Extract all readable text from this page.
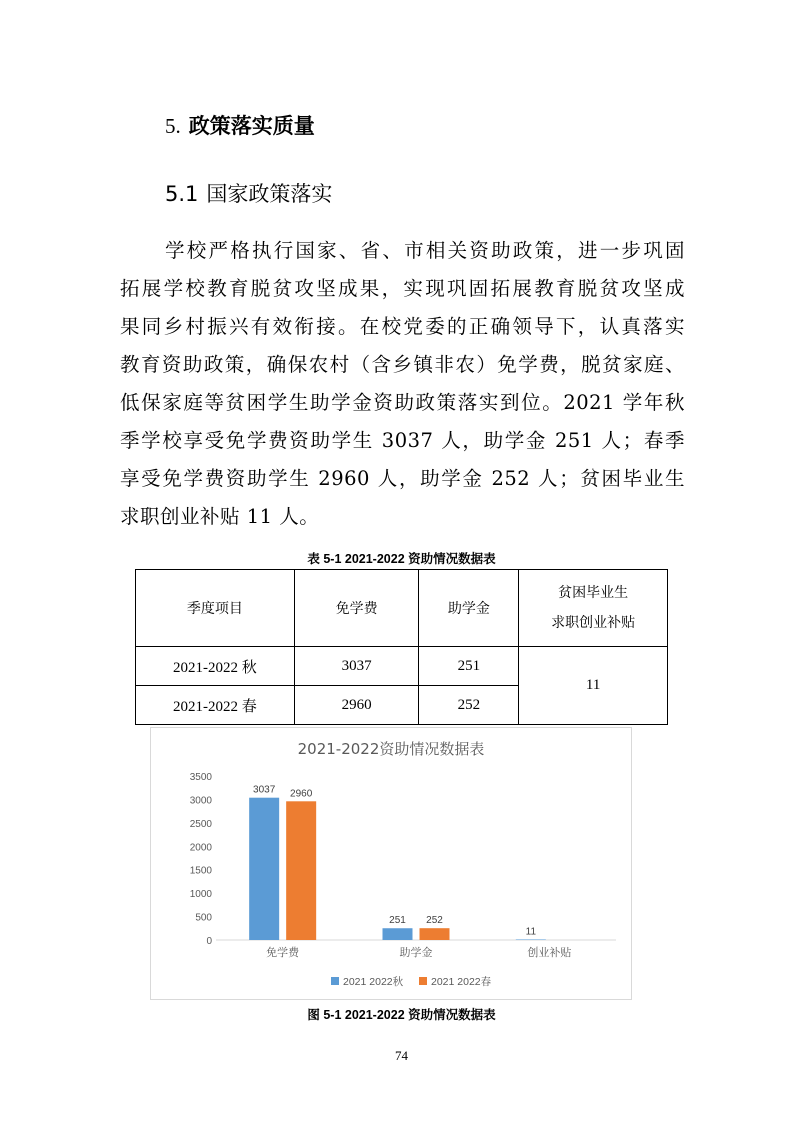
5. 政策落实质量
5.1 国家政策落实
学校严格执行国家、省、市相关资助政策，进一步巩固
拓展学校教育脱贫攻坚成果，实现巩固拓展教育脱贫攻坚成
果同乡村振兴有效衔接。在校党委的正确领导下，认真落实
教育资助政策，确保农村（含乡镇非农）免学费，脱贫家庭、
低保家庭等贫困学生助学金资助政策落实到位。2021 学年秋
季学校享受免学费资助学生 3037 人，助学金 251 人；春季
享受免学费资助学生 2960 人，助学金 252 人；贫困毕业生
求职创业补贴 11 人。
表 5-1 2021-2022 资助情况数据表
季度项目	免学费	助学金	贫困毕业生
求职创业补贴

2021-2022 秋	3037	251	11
2021-2022 春	2960	252	
2021-2022资助情况数据表
0
500
1000
1500
2000
2500
3000
3500
3037 2960
免学费
251 252
助学金
11
创业补贴
2021 2022秋	2021 2022春
图 5-1 2021-2022 资助情况数据表
74
